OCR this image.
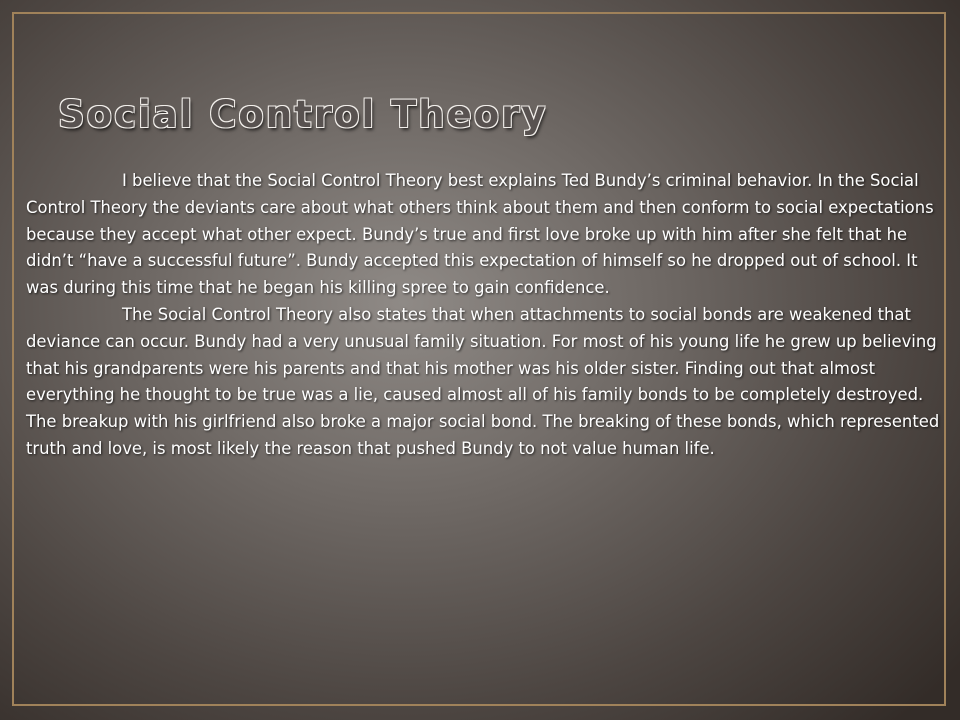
Social Control Theory

I believe that the Social Control Theory best explains Ted Bundy’s criminal behavior. In the Social Control Theory the deviants care about what others think about them and then conform to social expectations because they accept what other expect. Bundy’s true and first love broke up with him after she felt that he didn’t “have a successful future”. Bundy accepted this expectation of himself so he dropped out of school. It was during this time that he began his killing spree to gain confidence.

The Social Control Theory also states that when attachments to social bonds are weakened that deviance can occur. Bundy had a very unusual family situation. For most of his young life he grew up believing that his grandparents were his parents and that his mother was his older sister. Finding out that almost everything he thought to be true was a lie, caused almost all of his family bonds to be completely destroyed. The breakup with his girlfriend also broke a major social bond. The breaking of these bonds, which represented truth and love, is most likely the reason that pushed Bundy to not value human life.
